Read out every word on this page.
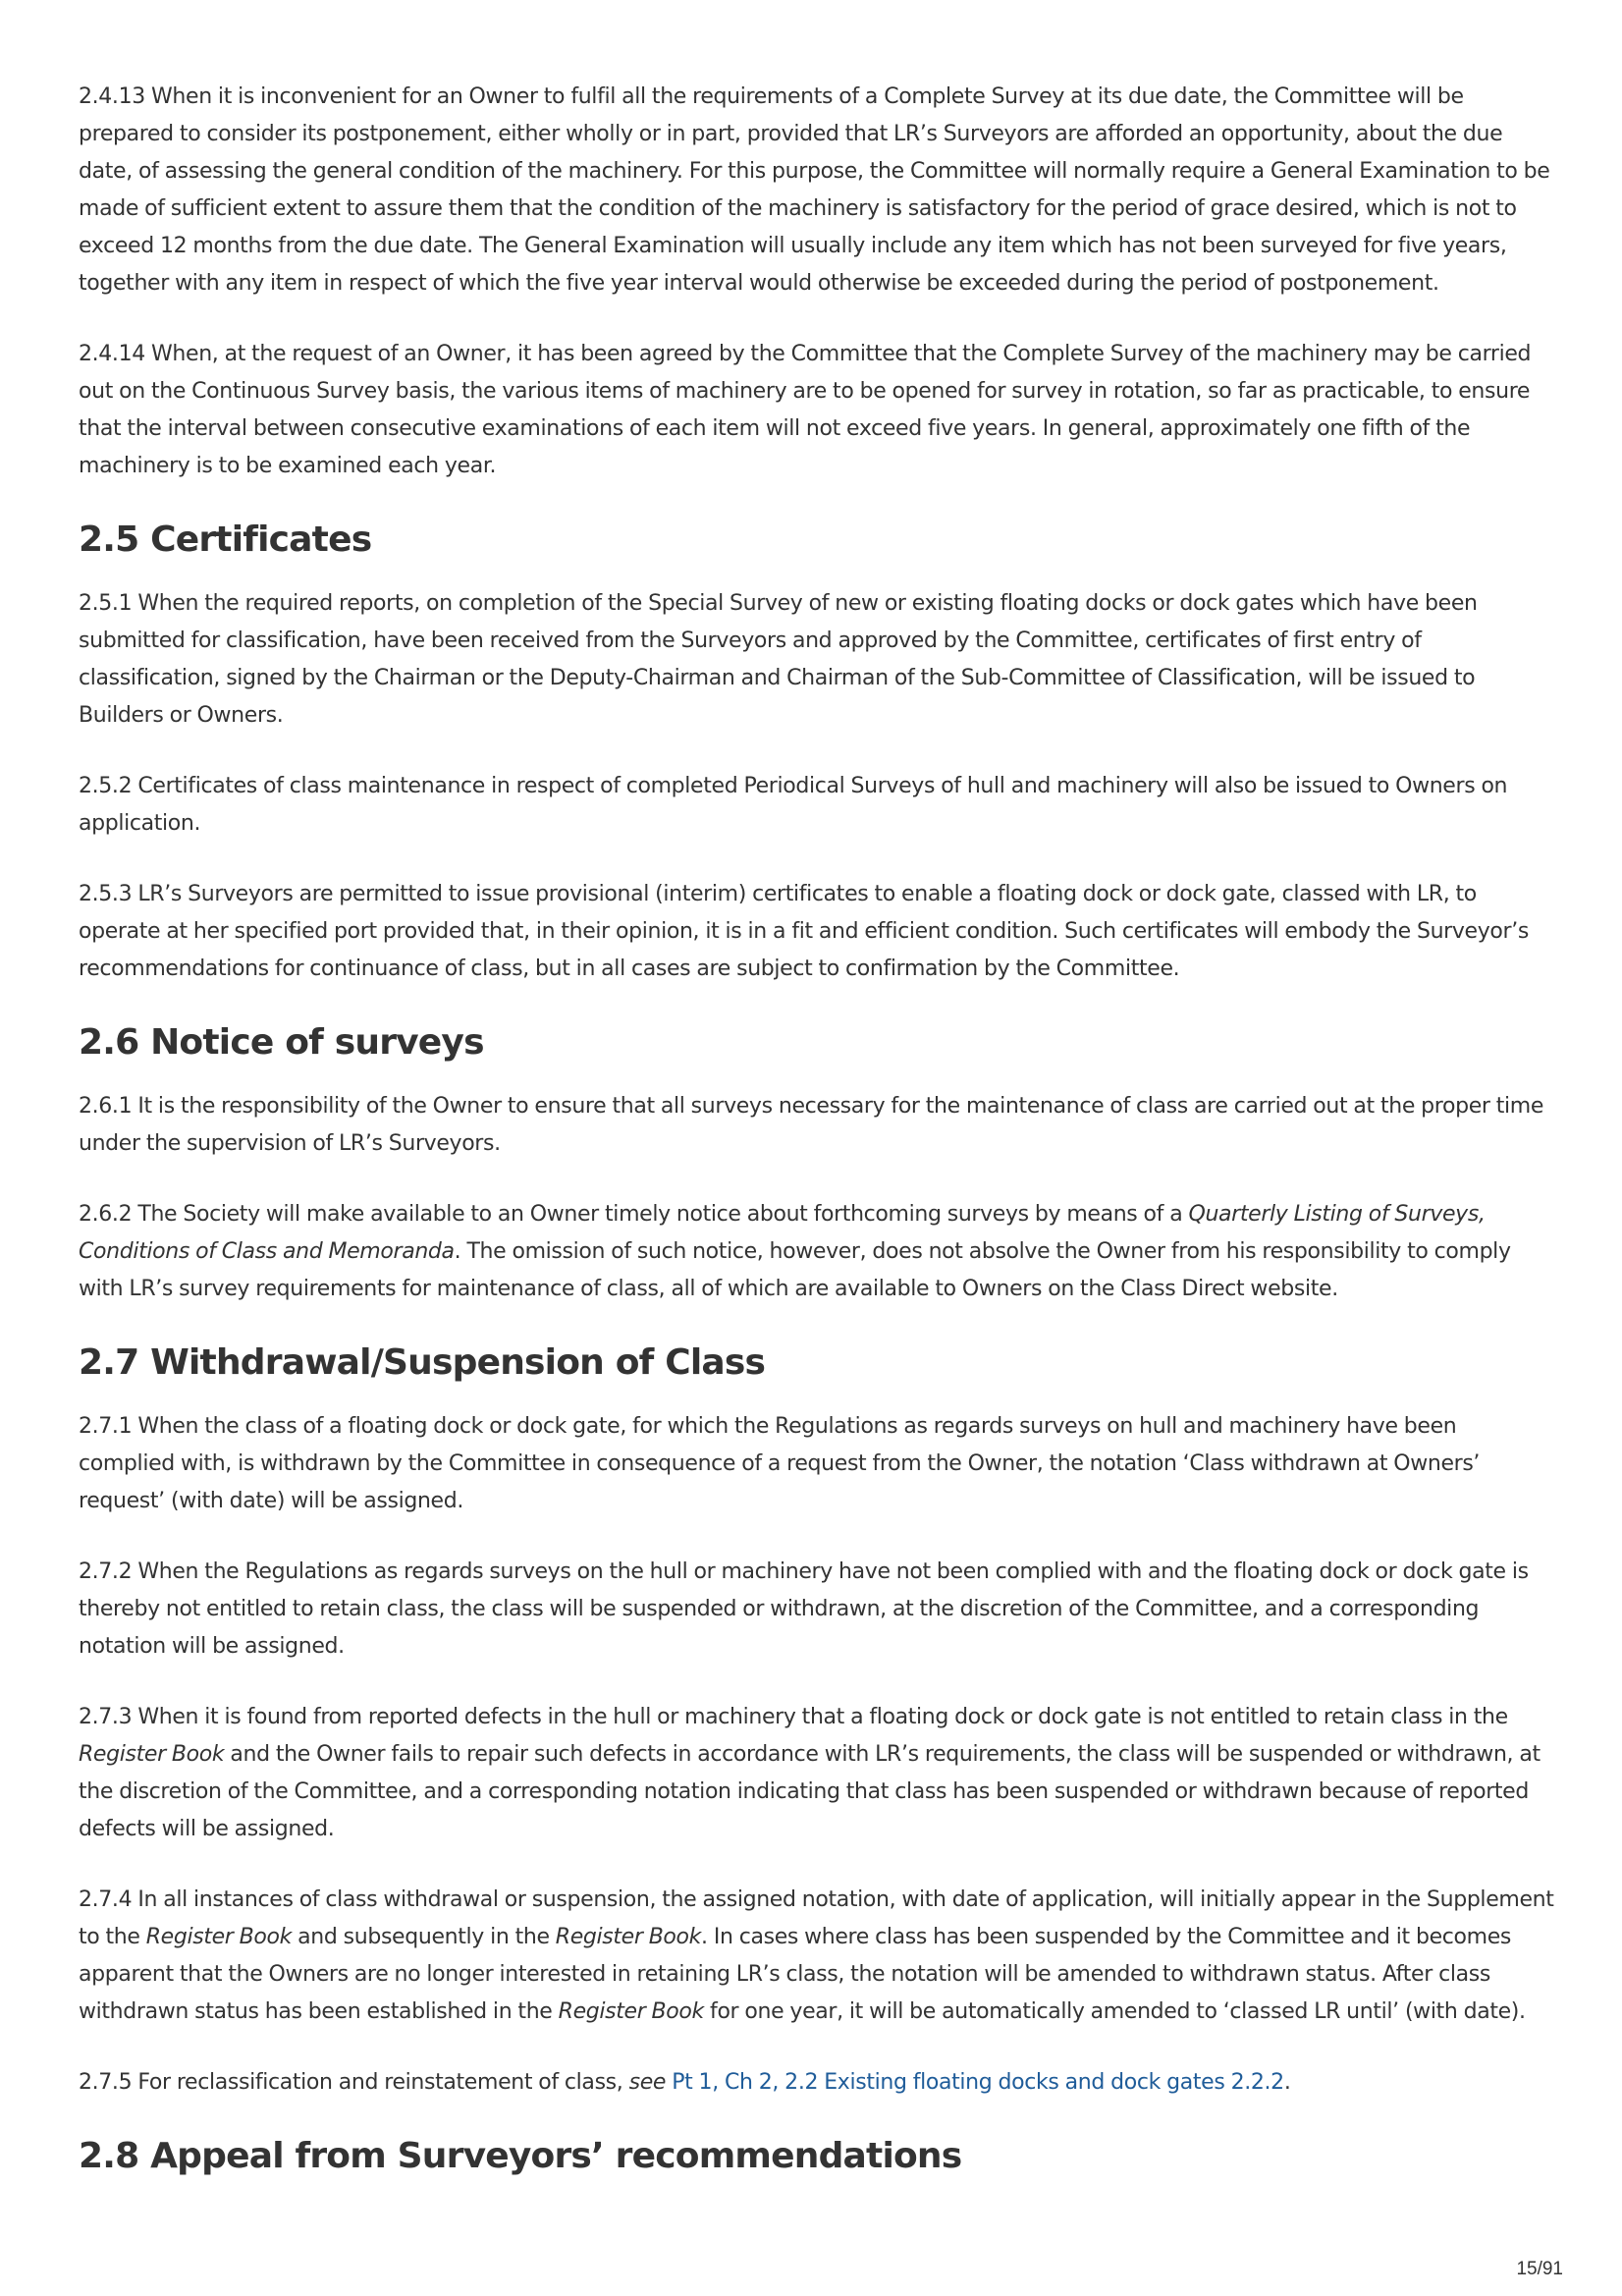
2.4.13 When it is inconvenient for an Owner to fulfil all the requirements of a Complete Survey at its due date, the Committee will be prepared to consider its postponement, either wholly or in part, provided that LR’s Surveyors are afforded an opportunity, about the due date, of assessing the general condition of the machinery. For this purpose, the Committee will normally require a General Examination to be made of sufficient extent to assure them that the condition of the machinery is satisfactory for the period of grace desired, which is not to exceed 12 months from the due date. The General Examination will usually include any item which has not been surveyed for five years, together with any item in respect of which the five year interval would otherwise be exceeded during the period of postponement.

2.4.14 When, at the request of an Owner, it has been agreed by the Committee that the Complete Survey of the machinery may be carried out on the Continuous Survey basis, the various items of machinery are to be opened for survey in rotation, so far as practicable, to ensure that the interval between consecutive examinations of each item will not exceed five years. In general, approximately one fifth of the machinery is to be examined each year.

2.5 Certificates

2.5.1 When the required reports, on completion of the Special Survey of new or existing floating docks or dock gates which have been submitted for classification, have been received from the Surveyors and approved by the Committee, certificates of first entry of classification, signed by the Chairman or the Deputy-Chairman and Chairman of the Sub-Committee of Classification, will be issued to Builders or Owners.

2.5.2 Certificates of class maintenance in respect of completed Periodical Surveys of hull and machinery will also be issued to Owners on application.

2.5.3 LR’s Surveyors are permitted to issue provisional (interim) certificates to enable a floating dock or dock gate, classed with LR, to operate at her specified port provided that, in their opinion, it is in a fit and efficient condition. Such certificates will embody the Surveyor’s recommendations for continuance of class, but in all cases are subject to confirmation by the Committee.

2.6 Notice of surveys

2.6.1 It is the responsibility of the Owner to ensure that all surveys necessary for the maintenance of class are carried out at the proper time under the supervision of LR’s Surveyors.

2.6.2 The Society will make available to an Owner timely notice about forthcoming surveys by means of a Quarterly Listing of Surveys, Conditions of Class and Memoranda. The omission of such notice, however, does not absolve the Owner from his responsibility to comply with LR’s survey requirements for maintenance of class, all of which are available to Owners on the Class Direct website.

2.7 Withdrawal/Suspension of Class

2.7.1 When the class of a floating dock or dock gate, for which the Regulations as regards surveys on hull and machinery have been complied with, is withdrawn by the Committee in consequence of a request from the Owner, the notation ‘Class withdrawn at Owners’ request’ (with date) will be assigned.

2.7.2 When the Regulations as regards surveys on the hull or machinery have not been complied with and the floating dock or dock gate is thereby not entitled to retain class, the class will be suspended or withdrawn, at the discretion of the Committee, and a corresponding notation will be assigned.

2.7.3 When it is found from reported defects in the hull or machinery that a floating dock or dock gate is not entitled to retain class in the Register Book and the Owner fails to repair such defects in accordance with LR’s requirements, the class will be suspended or withdrawn, at the discretion of the Committee, and a corresponding notation indicating that class has been suspended or withdrawn because of reported defects will be assigned.

2.7.4 In all instances of class withdrawal or suspension, the assigned notation, with date of application, will initially appear in the Supplement to the Register Book and subsequently in the Register Book. In cases where class has been suspended by the Committee and it becomes apparent that the Owners are no longer interested in retaining LR’s class, the notation will be amended to withdrawn status. After class withdrawn status has been established in the Register Book for one year, it will be automatically amended to ‘classed LR until’ (with date).

2.7.5 For reclassification and reinstatement of class, see Pt 1, Ch 2, 2.2 Existing floating docks and dock gates 2.2.2.

2.8 Appeal from Surveyors’ recommendations
15/91
